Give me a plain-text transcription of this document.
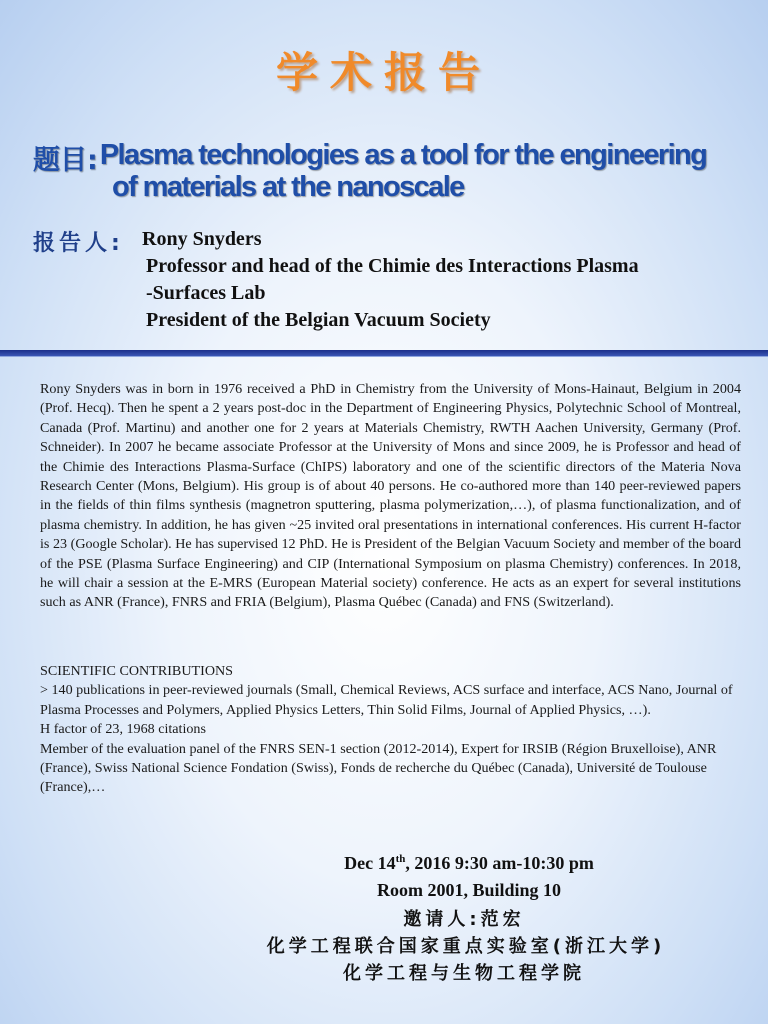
学术报告
题目: Plasma technologies as a tool for the engineering
of materials at the nanoscale
报告人: Rony Snyders
Professor and head of the Chimie des Interactions Plasma
-Surfaces Lab
President of the Belgian Vacuum Society
Rony Snyders was in born in 1976 received a PhD in Chemistry from the University of Mons-Hainaut, Belgium in 2004 (Prof. Hecq). Then he spent a 2 years post-doc in the Department of Engineering Physics, Polytechnic School of Montreal, Canada (Prof. Martinu) and another one for 2 years at Materials Chemistry, RWTH Aachen University, Germany (Prof. Schneider). In 2007 he became associate Professor at the University of Mons and since 2009, he is Professor and head of the Chimie des Interactions Plasma-Surface (ChIPS) laboratory and one of the scientific directors of the Materia Nova Research Center (Mons, Belgium). His group is of about 40 persons. He co-authored more than 140 peer-reviewed papers in the fields of thin films synthesis (magnetron sputtering, plasma polymerization,…), of plasma functionalization, and of plasma chemistry. In addition, he has given ~25 invited oral presentations in international conferences. His current H-factor is 23 (Google Scholar). He has supervised 12 PhD. He is President of the Belgian Vacuum Society and member of the board of the PSE (Plasma Surface Engineering) and CIP (International Symposium on plasma Chemistry) conferences. In 2018, he will chair a session at the E-MRS (European Material society) conference. He acts as an expert for several institutions such as ANR (France), FNRS and FRIA (Belgium), Plasma Québec (Canada) and FNS (Switzerland).

SCIENTIFIC CONTRIBUTIONS

> 140 publications in peer-reviewed journals (Small, Chemical Reviews, ACS surface and interface, ACS Nano, Journal of Plasma Processes and Polymers, Applied Physics Letters, Thin Solid Films, Journal of Applied Physics, …).

H factor of 23, 1968 citations

Member of the evaluation panel of the FNRS SEN-1 section (2012-2014), Expert for IRSIB (Région Bruxelloise), ANR (France), Swiss National Science Fondation (Swiss), Fonds de recherche du Québec (Canada), Université de Toulouse (France),…

Dec 14th, 2016 9:30 am-10:30 pm
Room 2001, Building 10
邀请人:范宏
化学工程联合国家重点实验室(浙江大学)
化学工程与生物工程学院
